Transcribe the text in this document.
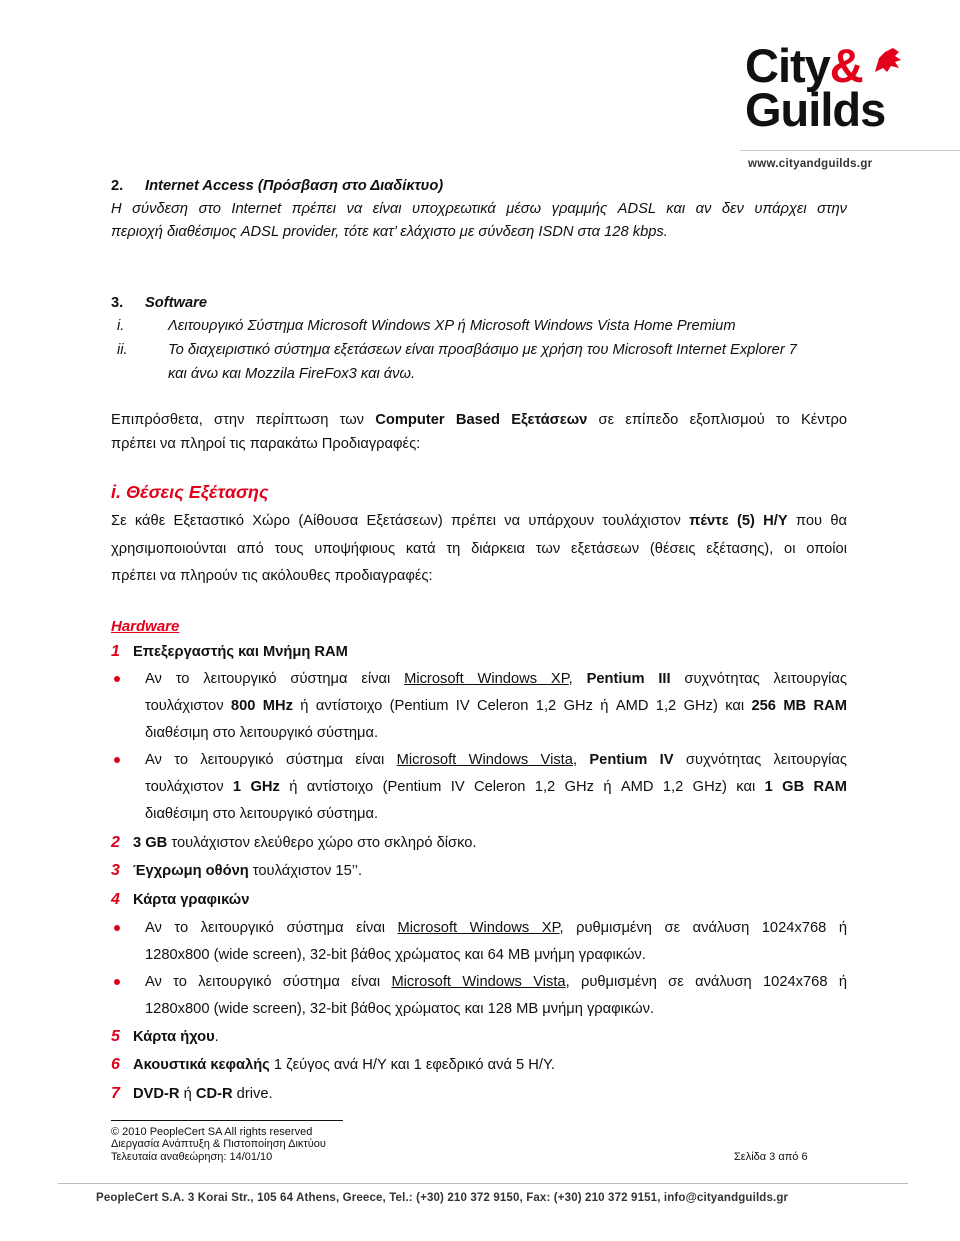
City&
Guilds
www.cityandguilds.gr
2. Internet Access (Πρόσβαση στο Διαδίκτυο)
Η σύνδεση στο Internet πρέπει να είναι υποχρεωτικά μέσω γραμμής ADSL και αν δεν υπάρχει στην
περιοχή διαθέσιμος ADSL provider, τότε κατ’ ελάχιστο με σύνδεση ISDN στα 128 kbps.
3. Software
i.	Λειτουργικό Σύστημα Microsoft Windows XP ή Microsoft Windows Vista Home Premium
ii.	Το διαχειριστικό σύστημα εξετάσεων είναι προσβάσιμο με χρήση του Microsoft Internet Explorer 7
και άνω και Mozzila FireFox3 και άνω.
Επιπρόσθετα, στην περίπτωση των Computer Based Εξετάσεων σε επίπεδο εξοπλισμού το Κέντρο
πρέπει να πληροί τις παρακάτω Προδιαγραφές:
i. Θέσεις Εξέτασης
Σε κάθε Εξεταστικό Χώρο (Αίθουσα Εξετάσεων) πρέπει να υπάρχουν τουλάχιστον πέντε (5) Η/Υ που θα
χρησιμοποιούνται από τους υποψήφιους κατά τη διάρκεια των εξετάσεων (θέσεις εξέτασης), οι οποίοι
πρέπει να πληρούν τις ακόλουθες προδιαγραφές:
Hardware
1 Επεξεργαστής και Μνήμη RAM
Αν το λειτουργικό σύστημα είναι Microsoft Windows XP, Pentium III συχνότητας λειτουργίας
τουλάχιστον 800 MHz ή αντίστοιχο (Pentium IV Celeron 1,2 GHz ή AMD 1,2 GHz) και 256 MB RAM
διαθέσιμη στο λειτουργικό σύστημα.
Αν το λειτουργικό σύστημα είναι Microsoft Windows Vista, Pentium IV συχνότητας λειτουργίας
τουλάχιστον 1 GHz ή αντίστοιχο (Pentium IV Celeron 1,2 GHz ή AMD 1,2 GHz) και 1 GB RAM
διαθέσιμη στο λειτουργικό σύστημα.
2 3 GB τουλάχιστον ελεύθερο χώρο στο σκληρό δίσκο.
3 Έγχρωμη οθόνη τουλάχιστον 15’’.
4 Κάρτα γραφικών
Αν το λειτουργικό σύστημα είναι Microsoft Windows XP, ρυθμισμένη σε ανάλυση 1024x768 ή
1280x800 (wide screen), 32-bit βάθος χρώματος και 64 MB μνήμη γραφικών.
Αν το λειτουργικό σύστημα είναι Microsoft Windows Vista, ρυθμισμένη σε ανάλυση 1024x768 ή
1280x800 (wide screen), 32-bit βάθος χρώματος και 128 MB μνήμη γραφικών.
5 Κάρτα ήχου.
6 Ακουστικά κεφαλής 1 ζεύγος ανά Η/Υ και 1 εφεδρικό ανά 5 Η/Υ.
7 DVD-R ή CD-R drive.
© 2010 PeopleCert SA All rights reserved
Διεργασία Ανάπτυξη & Πιστοποίηση Δικτύου
Τελευταία αναθεώρηση: 14/01/10	Σελίδα 3 από 6
PeopleCert S.A. 3 Korai Str., 105 64 Athens, Greece, Tel.: (+30) 210 372 9150, Fax: (+30) 210 372 9151, info@cityandguilds.gr
